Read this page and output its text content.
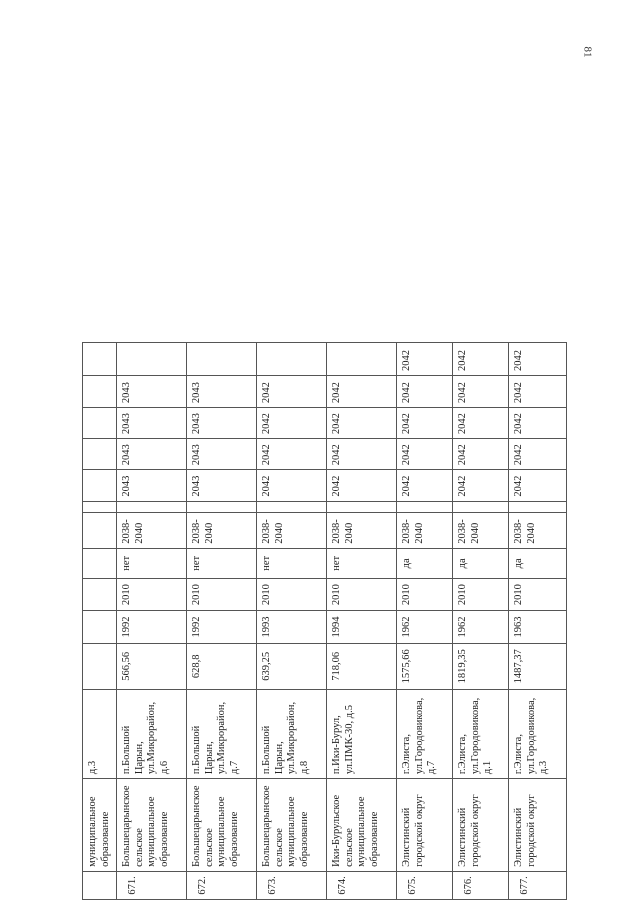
81
	муниципальное образование	д.3											
671.	Большецарынское сельское муниципальное образование	п.Большой Царын, ул.Микрорайон, д.6	566,56	1992	2010	нет	2038-2040		2043	2043	2043	2043	
672.	Большецарынское сельское муниципальное образование	п.Большой Царын, ул.Микрорайон, д.7	628,8	1992	2010	нет	2038-2040		2043	2043	2043	2043	
673.	Большецарынское сельское муниципальное образование	п.Большой Царын, ул.Микрорайон, д.8	639,25	1993	2010	нет	2038-2040		2042	2042	2042	2042	
674.	Ики-Бурульское сельское муниципальное образование	п.Ики-Бурул, ул.ПМК-30, д.5	718,06	1994	2010	нет	2038-2040		2042	2042	2042	2042	
675.	Элистинский городской округ	г.Элиста, ул.Городовикова, д.7	1575,66	1962	2010	да	2038-2040		2042	2042	2042	2042	2042
676.	Элистинский городской округ	г.Элиста, ул.Городовикова, д.1	1819,35	1962	2010	да	2038-2040		2042	2042	2042	2042	2042
677.	Элистинский городской округ	г.Элиста, ул.Городовикова, д.3	1487,37	1963	2010	да	2038-2040		2042	2042	2042	2042	2042
